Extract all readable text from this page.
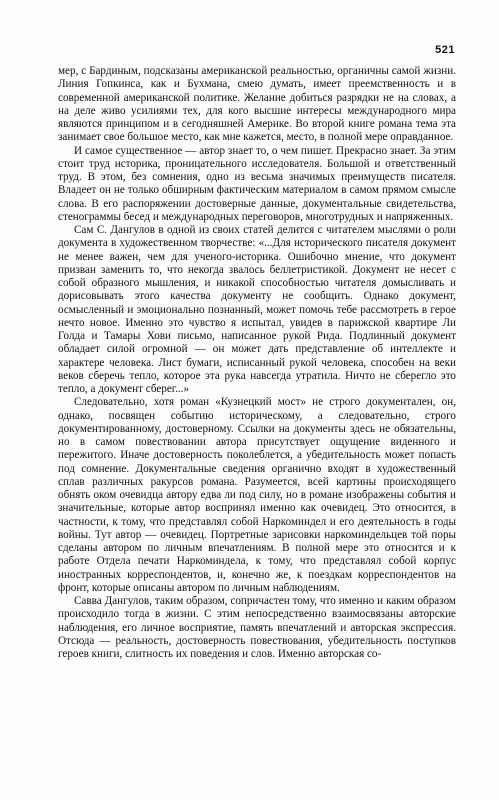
521

мер, с Бардиным, подсказаны американской реальностью, органичны самой жизни. Линия Гопкинса, как и Бухмана, смею думать, имеет преемственность и в современной американской политике. Желание добиться разрядки не на словах, а на деле живо усилиями тех, для кого высшие интересы международного мира являются принципом и в сегодняшней Америке. Во второй книге романа тема эта занимает свое большое место, как мне кажется, место, в полной мере оправданное.

И самое существенное — автор знает то, о чем пишет. Прекрасно знает. За этим стоит труд историка, проницательного исследователя. Большой и ответственный труд. В этом, без сомнения, одно из весьма значимых преимуществ писателя. Владеет он не только обширным фактическим материалом в самом прямом смысле слова. В его распоряжении достоверные данные, документальные свидетельства, стенограммы бесед и международных переговоров, многотрудных и напряженных.

Сам С. Дангулов в одной из своих статей делится с читателем мыслями о роли документа в художественном творчестве: «...Для исторического писателя документ не менее важен, чем для ученого-историка. Ошибочно мнение, что документ призван заменить то, что некогда звалось беллетристикой. Документ не несет с собой образного мышления, и никакой способностью читателя домысливать и дорисовывать этого качества документу не сообщить. Однако документ, осмысленный и эмоционально познанный, может помочь тебе рассмотреть в герое нечто новое. Именно это чувство я испытал, увидев в парижской квартире Ли Голда и Тамары Хови письмо, написанное рукой Рида. Подлинный документ обладает силой огромной — он может дать представление об интеллекте и характере человека. Лист бумаги, исписанный рукой человека, способен на веки веков сберечь тепло, которое эта рука навсегда утратила. Ничто не сберегло это тепло, а документ сберег...»

Следовательно, хотя роман «Кузнецкий мост» не строго документален, он, однако, посвящен событию историческому, а следовательно, строго документированному, достоверному. Ссылки на документы здесь не обязательны, но в самом повествовании автора присутствует ощущение виденного и пережитого. Иначе достоверность поколеблется, а убедительность может попасть под сомнение. Документальные сведения органично входят в художественный сплав различных ракурсов романа. Разумеется, всей картины происходящего обнять оком очевидца автору едва ли под силу, но в романе изображены события и значительные, которые автор воспринял именно как очевидец. Это относится, в частности, к тому, что представлял собой Наркоминдел и его деятельность в годы войны. Тут автор — очевидец. Портретные зарисовки наркоминдельцев той поры сделаны автором по личным впечатлениям. В полной мере это относится и к работе Отдела печати Наркоминдела, к тому, что представлял собой корпус иностранных корреспондентов, и, конечно же, к поездкам корреспондентов на фронт, которые описаны автором по личным наблюдениям.

Савва Дангулов, таким образом, сопричастен тому, что именно и каким образом происходило тогда в жизни. С этим непосредственно взаимосвязаны авторские наблюдения, его личное восприятие, память впечатлений и авторская экспрессия. Отсюда — реальность, достоверность повествования, убедительность поступков героев книги, слитность их поведения и слов. Именно авторская со-
